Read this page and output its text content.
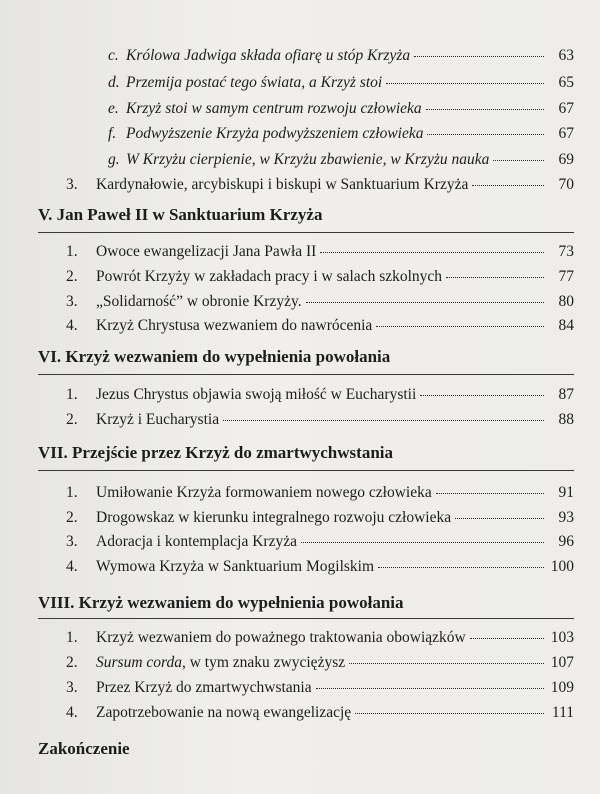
c. Królowa Jadwiga składa ofiarę u stóp Krzyża	63
d. Przemija postać tego świata, a Krzyż stoi	65
e. Krzyż stoi w samym centrum rozwoju człowieka	67
f. Podwyższenie Krzyża podwyższeniem człowieka	67
g. W Krzyżu cierpienie, w Krzyżu zbawienie, w Krzyżu nauka	69
3.	Kardynałowie, arcybiskupi i biskupi w Sanktuarium Krzyża	70
V. Jan Paweł II w Sanktuarium Krzyża
1.	Owoce ewangelizacji Jana Pawła II	73
2.	Powrót Krzyży w zakładach pracy i w salach szkolnych	77
3.	„Solidarność” w obronie Krzyży.	80
4.	Krzyż Chrystusa wezwaniem do nawrócenia	84
VI. Krzyż wezwaniem do wypełnienia powołania
1.	Jezus Chrystus objawia swoją miłość w Eucharystii	87
2.	Krzyż i Eucharystia	88
VII. Przejście przez Krzyż do zmartwychwstania
1.	Umiłowanie Krzyża formowaniem nowego człowieka	91
2.	Drogowskaz w kierunku integralnego rozwoju człowieka	93
3.	Adoracja i kontemplacja Krzyża	96
4.	Wymowa Krzyża w Sanktuarium Mogilskim	100
VIII. Krzyż wezwaniem do wypełnienia powołania
1.	Krzyż wezwaniem do poważnego traktowania obowiązków	103
2.	Sursum corda, w tym znaku zwyciężysz	107
3.	Przez Krzyż do zmartwychwstania	109
4.	Zapotrzebowanie na nową ewangelizację	111
Zakończenie
